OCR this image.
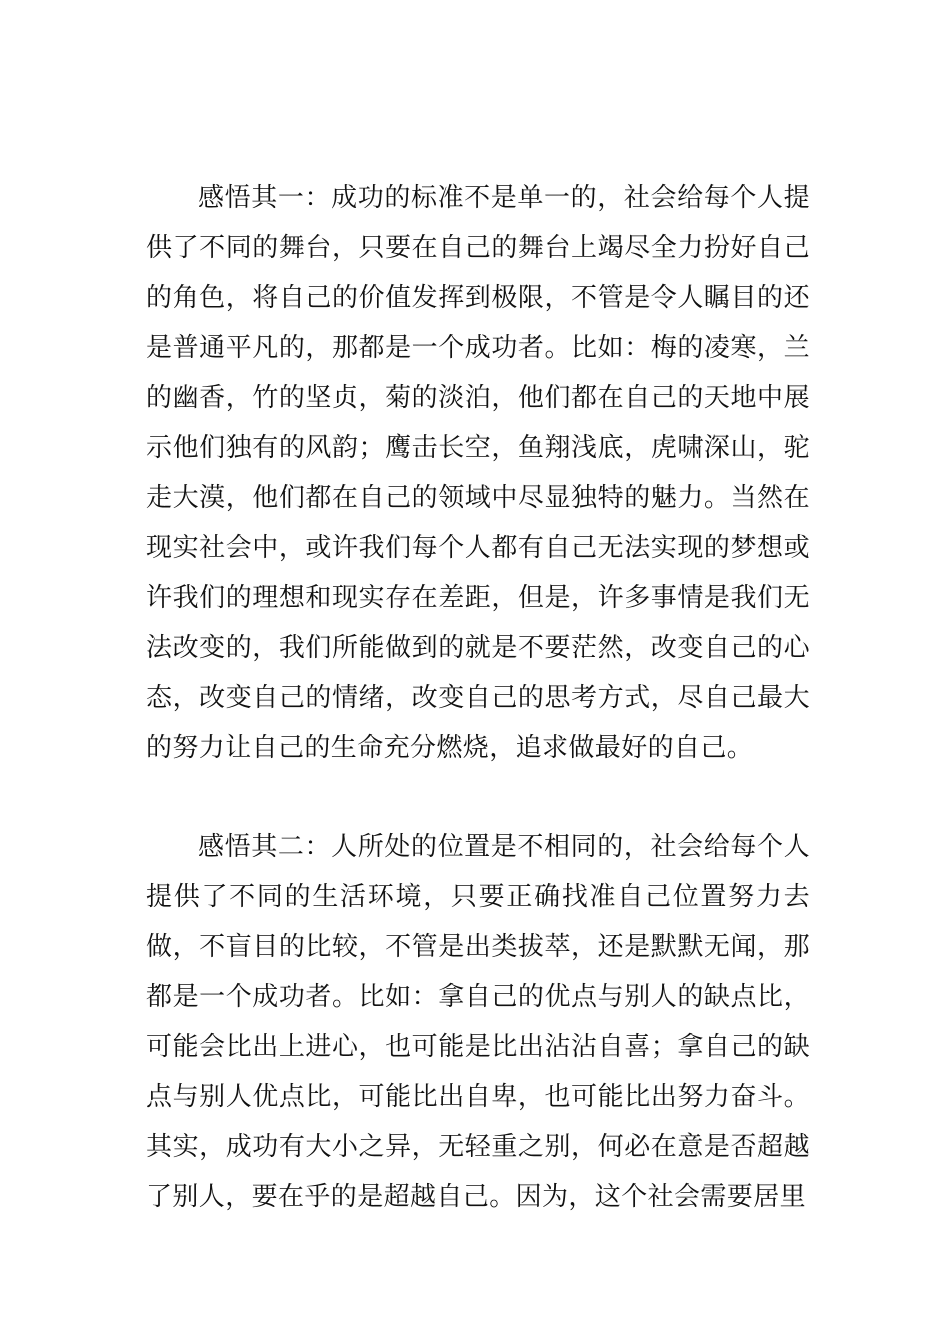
感悟其一：成功的标准不是单一的，社会给每个人提供了不同的舞台，只要在自己的舞台上竭尽全力扮好自己的角色，将自己的价值发挥到极限，不管是令人瞩目的还是普通平凡的，那都是一个成功者。比如：梅的凌寒，兰的幽香，竹的坚贞，菊的淡泊，他们都在自己的天地中展示他们独有的风韵；鹰击长空，鱼翔浅底，虎啸深山，驼走大漠，他们都在自己的领域中尽显独特的魅力。当然在现实社会中，或许我们每个人都有自己无法实现的梦想或许我们的理想和现实存在差距，但是，许多事情是我们无法改变的，我们所能做到的就是不要茫然，改变自己的心态，改变自己的情绪，改变自己的思考方式，尽自己最大的努力让自己的生命充分燃烧，追求做最好的自己。

感悟其二：人所处的位置是不相同的，社会给每个人提供了不同的生活环境，只要正确找准自己位置努力去做，不盲目的比较，不管是出类拔萃，还是默默无闻，那都是一个成功者。比如：拿自己的优点与别人的缺点比，可能会比出上进心，也可能是比出沾沾自喜；拿自己的缺点与别人优点比，可能比出自卑，也可能比出努力奋斗。其实，成功有大小之异，无轻重之别，何必在意是否超越了别人，要在乎的是超越自己。因为，这个社会需要居里
